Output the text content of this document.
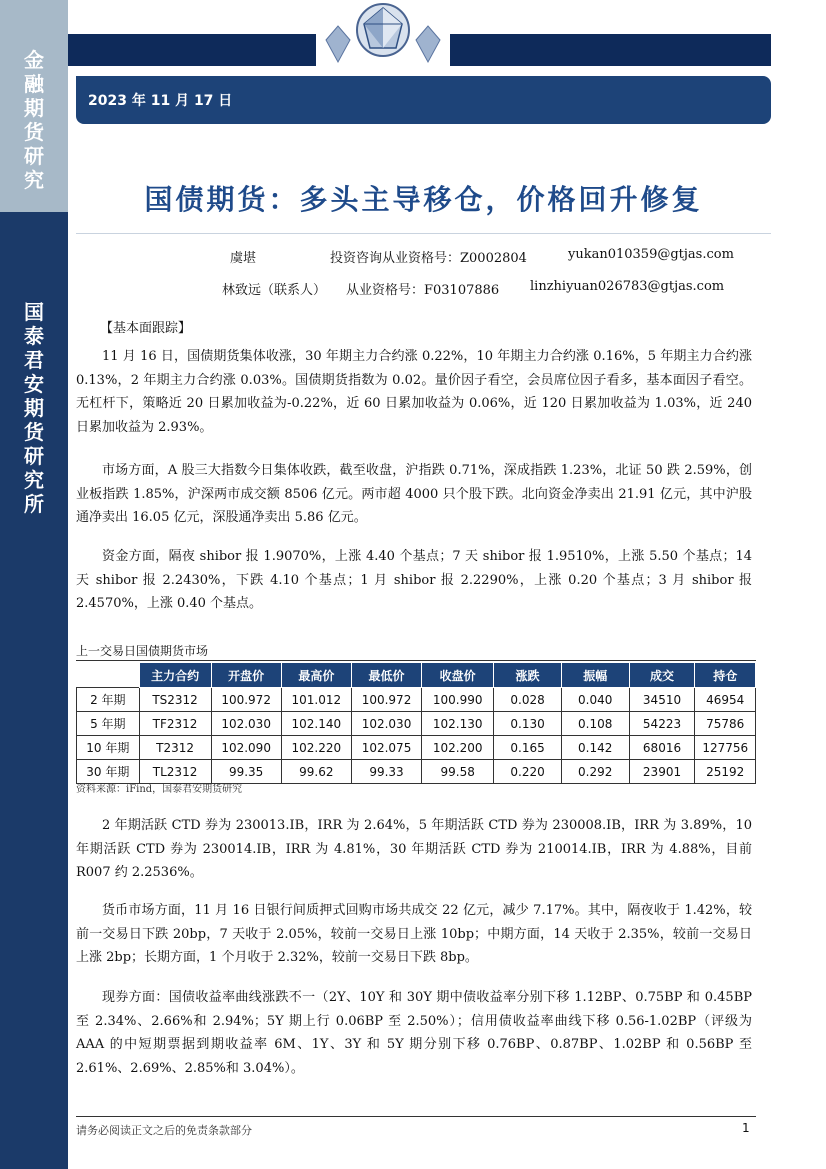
金融期货研究
国泰君安期货研究所
2023 年 11 月 17 日
国债期货：多头主导移仓，价格回升修复
虞堪	投资咨询从业资格号：Z0002804	yukan010359@gtjas.com
林致远（联系人） 从业资格号：F03107886 linzhiyuan026783@gtjas.com
【基本面跟踪】
11 月 16 日，国债期货集体收涨，30 年期主力合约涨 0.22%，10 年期主力合约涨 0.16%，5 年期主力合约涨 0.13%，2 年期主力合约涨 0.03%。国债期货指数为 0.02。量价因子看空，会员席位因子看多，基本面因子看空。无杠杆下，策略近 20 日累加收益为-0.22%，近 60 日累加收益为 0.06%，近 120 日累加收益为 1.03%，近 240 日累加收益为 2.93%。
市场方面，A 股三大指数今日集体收跌，截至收盘，沪指跌 0.71%，深成指跌 1.23%，北证 50 跌 2.59%，创业板指跌 1.85%，沪深两市成交额 8506 亿元。两市超 4000 只个股下跌。北向资金净卖出 21.91 亿元，其中沪股通净卖出 16.05 亿元，深股通净卖出 5.86 亿元。
资金方面，隔夜 shibor 报 1.9070%，上涨 4.40 个基点；7 天 shibor 报 1.9510%，上涨 5.50 个基点；14 天 shibor 报 2.2430%，下跌 4.10 个基点；1 月 shibor 报 2.2290%，上涨 0.20 个基点；3 月 shibor 报 2.4570%，上涨 0.40 个基点。
上一交易日国债期货市场
	主力合约	开盘价	最高价	最低价	收盘价	涨跌	振幅	成交	持仓
2 年期	TS2312	100.972	101.012	100.972	100.990	0.028	0.040	34510	46954
5 年期	TF2312	102.030	102.140	102.030	102.130	0.130	0.108	54223	75786
10 年期	T2312	102.090	102.220	102.075	102.200	0.165	0.142	68016	127756
30 年期	TL2312	99.35	99.62	99.33	99.58	0.220	0.292	23901	25192
资料来源：iFind，国泰君安期货研究
2 年期活跃 CTD 券为 230013.IB，IRR 为 2.64%，5 年期活跃 CTD 券为 230008.IB，IRR 为 3.89%，10 年期活跃 CTD 券为 230014.IB，IRR 为 4.81%，30 年期活跃 CTD 券为 210014.IB，IRR 为 4.88%，目前 R007 约 2.2536%。
货币市场方面，11 月 16 日银行间质押式回购市场共成交 22 亿元，减少 7.17%。其中，隔夜收于 1.42%，较前一交易日下跌 20bp，7 天收于 2.05%，较前一交易日上涨 10bp；中期方面，14 天收于 2.35%，较前一交易日上涨 2bp；长期方面，1 个月收于 2.32%，较前一交易日下跌 8bp。
现券方面：国债收益率曲线涨跌不一（2Y、10Y 和 30Y 期中债收益率分别下移 1.12BP、0.75BP 和 0.45BP 至 2.34%、2.66%和 2.94%；5Y 期上行 0.06BP 至 2.50%）；信用债收益率曲线下移 0.56-1.02BP（评级为 AAA 的中短期票据到期收益率 6M、1Y、3Y 和 5Y 期分别下移 0.76BP、0.87BP、1.02BP 和 0.56BP 至 2.61%、2.69%、2.85%和 3.04%）。
请务必阅读正文之后的免责条款部分	1
